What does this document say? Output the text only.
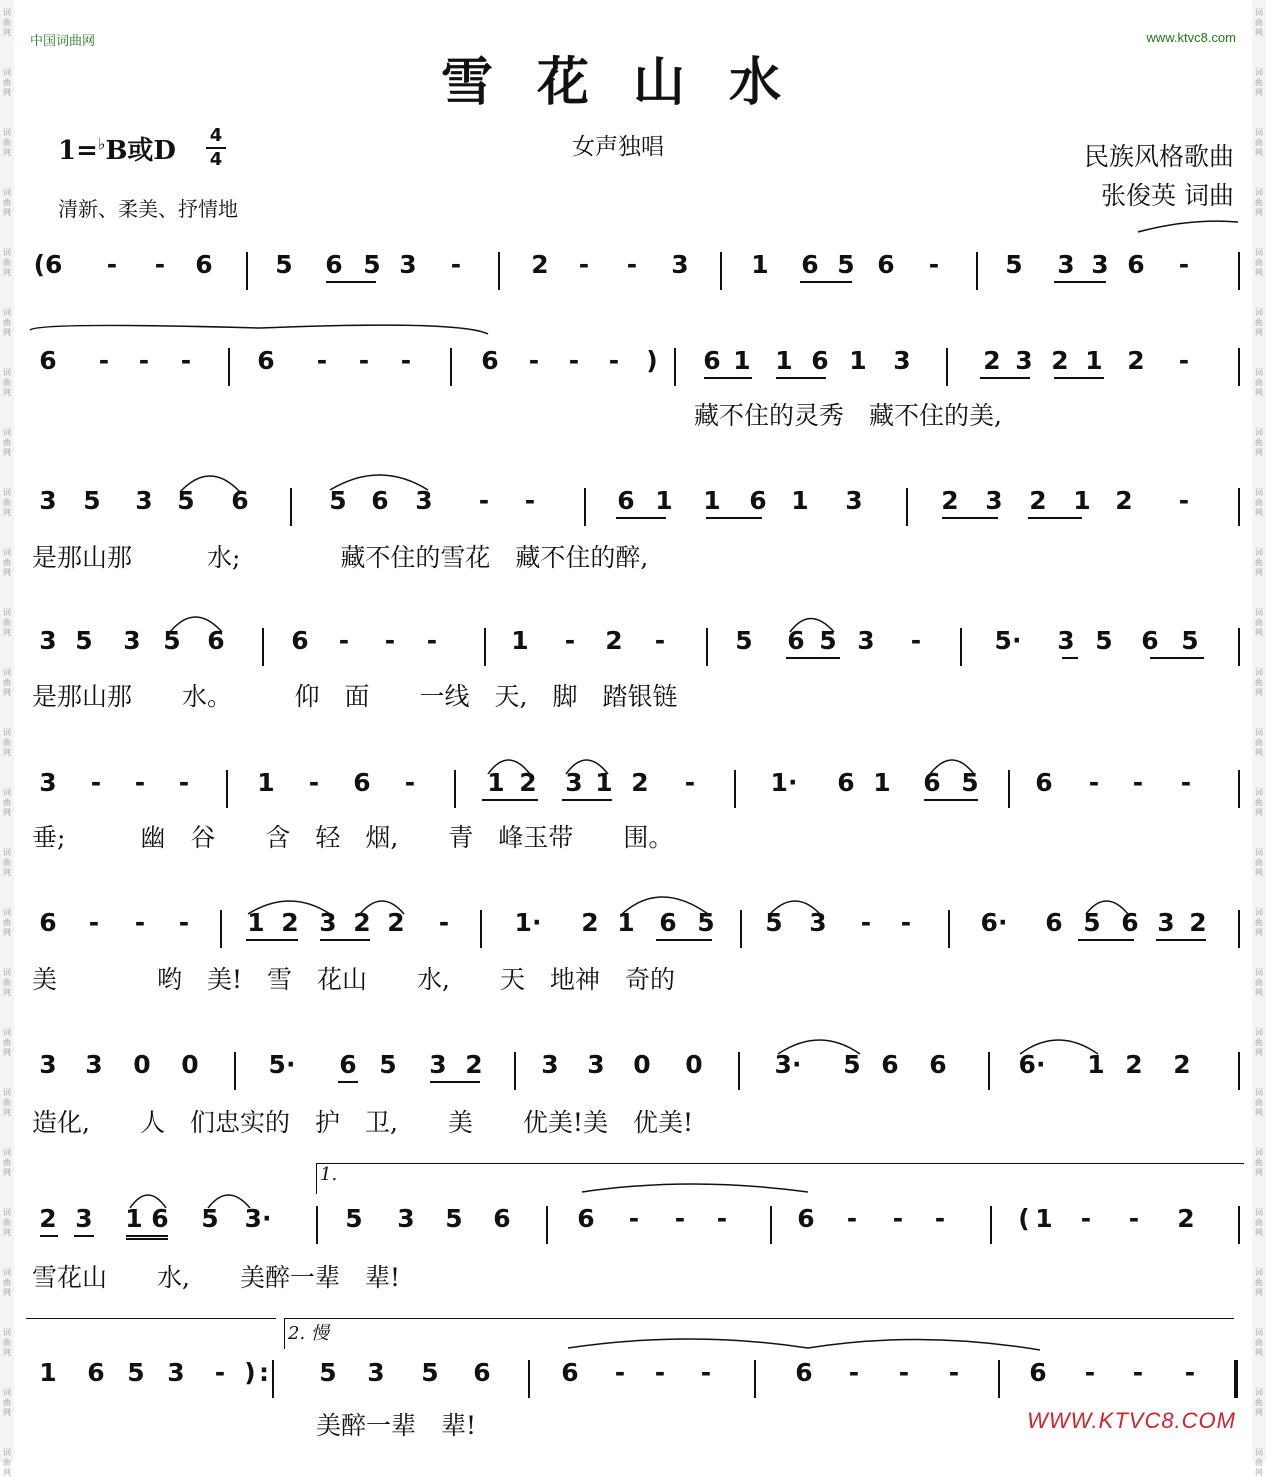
词
曲
网
词
曲
网
词
曲
网
词
曲
网
词
曲
网
词
曲
网
词
曲
网
词
曲
网
词
曲
网
词
曲
网
词
曲
网
词
曲
网
词
曲
网
词
曲
网
词
曲
网
词
曲
网
词
曲
网
词
曲
网
词
曲
网
词
曲
网
词
曲
网
词
曲
网
词
曲
网
词
曲
网
词
曲
网
词
曲
网
词
曲
网
词
曲
网
词
曲
网
词
曲
网
词
曲
网
词
曲
网
词
曲
网
词
曲
网
词
曲
网
词
曲
网
词
曲
网
词
曲
网
词
曲
网
词
曲
网
词
曲
网
词
曲
网
词
曲
网
词
曲
网
词
曲
网
词
曲
网
词
曲
网
词
曲
网
词
曲
网
词
曲
网
中国词曲网	www.ktvc8.com
雪花山水
女声独唱
1=♭B或D
4
4
清新、柔美、抒情地
民族风格歌曲
张俊英 词曲
(6 - - 6	5 6 5 3 -	2 - - 3	1 6 5 6 -	5 3 3 6 -
6 - - -	6 - - -	6 - - - ) 6 1 1 6 1 3	2 3 2 1 2 -
3 5 3 5 6	5 6 3 - -	6 1 1 6 1 3	2 3 2 1 2 -
3 5 3 5 6	6 - - -	1 - 2 -	5 6 5 3 -	5· 3 5 6 5
3 - - -	1 - 6 -	1 2 3 1 2 -	1· 6 1 6 5 6 - - -
6 - - - 1 2 3 2 2 -	1· 2 1 6 5 5 3 - -	6· 6 5 6 3 2
3 3 0 0	5· 6 5 3 2 3 3 0 0	3· 5 6 6	6· 1 2 2
2 3 1 6 5 3·	5 3 5 6	6 - - -	6 - - -	( 1 - - 2
1 6 5 3 - ) : 5 3 5 6	6 - - -	6 - - -	6 - - -
藏不住的灵秀　藏不住的美,
是那山那　　　水;　　　　藏不住的雪花　藏不住的醉,
是那山那　　水。　　　仰　面　　一线　天,　脚　踏银链
垂;　　　幽　谷　　含　轻　烟,　　青　峰玉带　　围。
美　　　　哟　美!　雪　花山　　水,　　天　地神　奇的
造化,　　人　们忠实的　护　卫,　　美　　优美!美　优美!
雪花山　　水,　　美醉一辈　辈!
美醉一辈　辈!
1.
2. 慢
WWW.KTVC8.COM
